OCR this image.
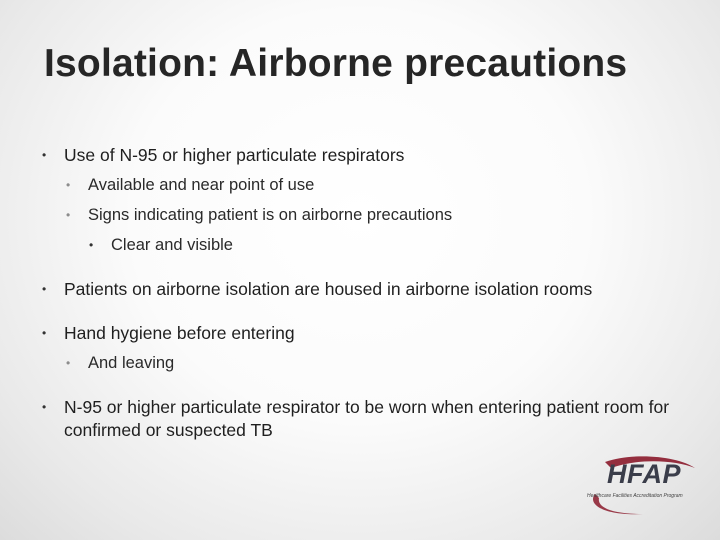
Isolation: Airborne precautions
• Use of N-95 or higher particulate respirators
• Available and near point of use
• Signs indicating patient is on airborne precautions
• Clear and visible
• Patients on airborne isolation are housed in airborne isolation rooms
• Hand hygiene before entering
• And leaving
• N-95 or higher particulate respirator to be worn when entering patient room for confirmed or suspected TB
HFAP
Healthcare Facilities Accreditation Program
